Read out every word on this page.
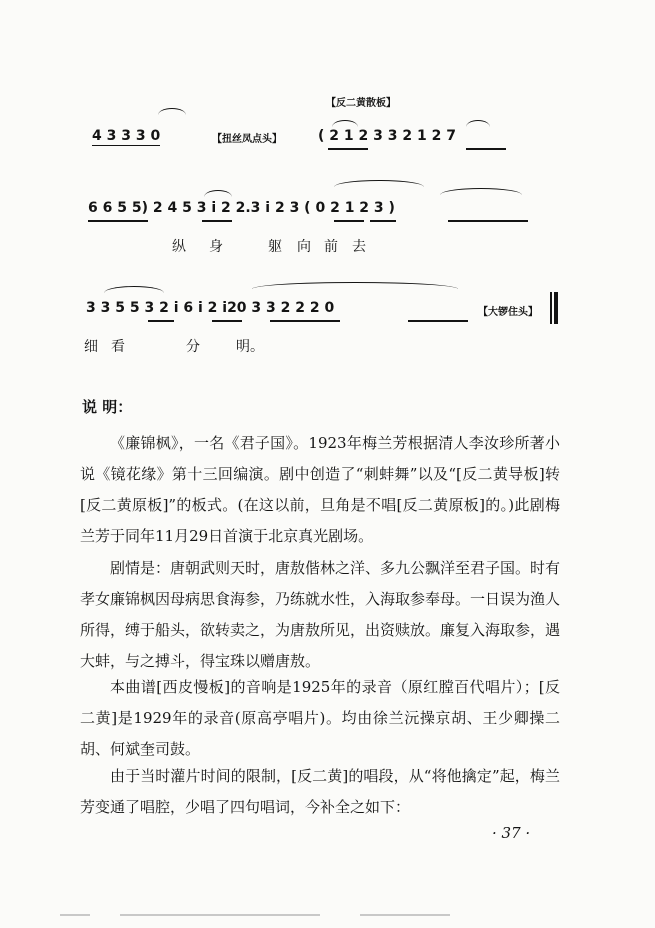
【反二黄散板】
4 3 3 3 0	【扭丝凤点头】	( 2 1 2 3 3 2 1 2 7
6 6 5 5) 2 4 5 3 i 2 2.3 i 2 3 ( 0 2 1 2 3 )
纵 身	躯 向 前 去
3 3 5 5 3 2 i 6 i 2 i20 3 3 2 2 2 0	【大锣住头】
细 看	分	明。
说 明：

《廉锦枫》，一名《君子国》。1923年梅兰芳根据清人李汝珍所著小说《镜花缘》第十三回编演。剧中创造了“刺蚌舞”以及“[反二黄导板]转[反二黄原板]”的板式。(在这以前，旦角是不唱[反二黄原板]的。)此剧梅兰芳于同年11月29日首演于北京真光剧场。

剧情是：唐朝武则天时，唐敖偕林之洋、多九公飘洋至君子国。时有孝女廉锦枫因母病思食海参，乃练就水性，入海取参奉母。一日误为渔人所得，缚于船头，欲转卖之，为唐敖所见，出资赎放。廉复入海取参，遇大蚌，与之搏斗，得宝珠以赠唐敖。

本曲谱[西皮慢板]的音响是1925年的录音（原红膛百代唱片）；[反二黄]是1929年的录音(原高亭唱片)。均由徐兰沅操京胡、王少卿操二胡、何斌奎司鼓。

由于当时灌片时间的限制，[反二黄]的唱段，从“将他擒定”起，梅兰芳变通了唱腔，少唱了四句唱词，今补全之如下：

· 37 ·
